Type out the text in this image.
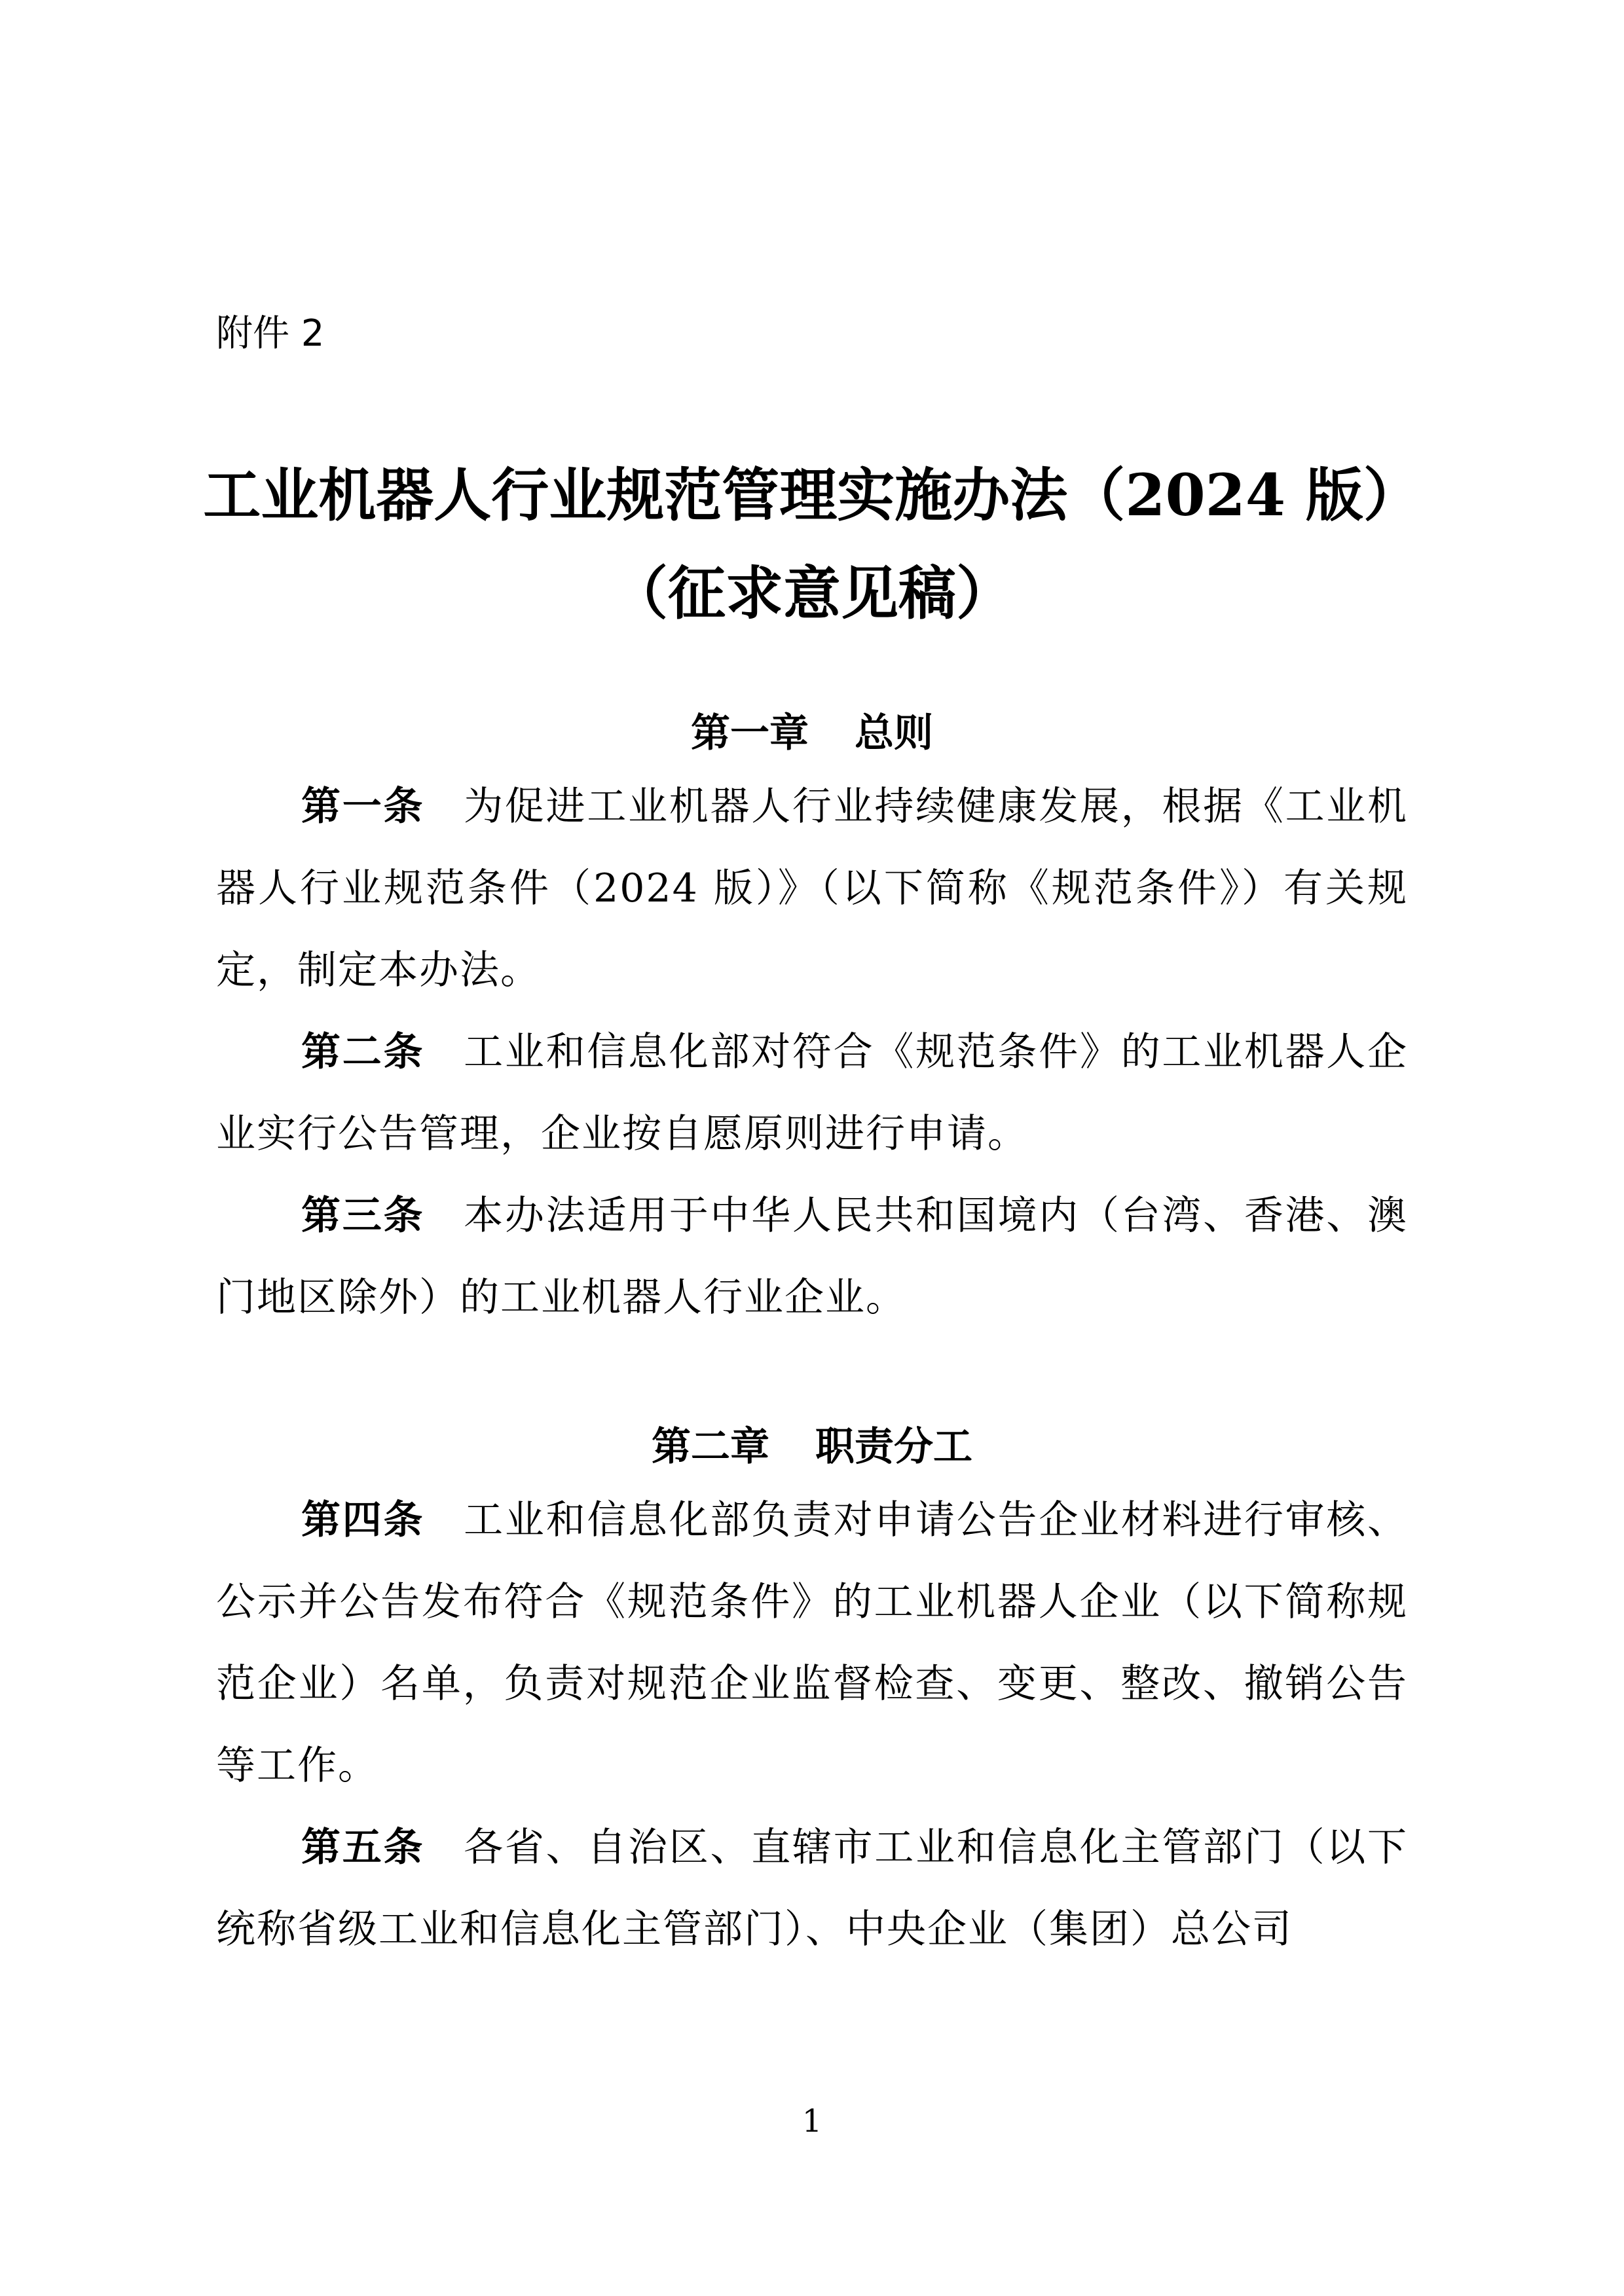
附件 2
工业机器人行业规范管理实施办法（2024 版）
（征求意见稿）
第一章 总则
第一条 为促进工业机器人行业持续健康发展，根据《工业机器人行业规范条件（2024 版）》（以下简称《规范条件》）有关规定，制定本办法。
第二条 工业和信息化部对符合《规范条件》的工业机器人企业实行公告管理，企业按自愿原则进行申请。
第三条 本办法适用于中华人民共和国境内（台湾、香港、澳门地区除外）的工业机器人行业企业。
第二章 职责分工
第四条 工业和信息化部负责对申请公告企业材料进行审核、公示并公告发布符合《规范条件》的工业机器人企业（以下简称规范企业）名单，负责对规范企业监督检查、变更、整改、撤销公告等工作。
第五条 各省、自治区、直辖市工业和信息化主管部门（以下统称省级工业和信息化主管部门）、中央企业（集团）总公司
1
